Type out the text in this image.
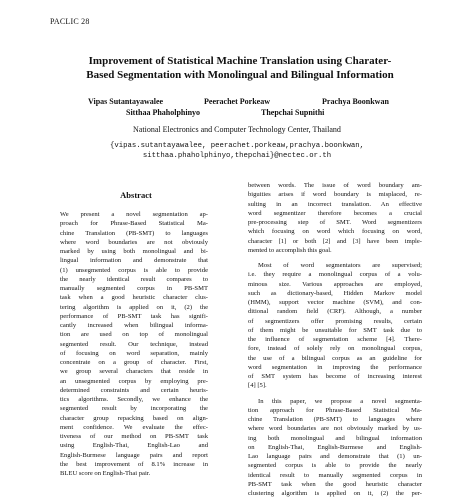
PACLIC 28
Improvement of Statistical Machine Translation using Charater-
Based Segmentation with Monolingual and Bilingual Information
Vipas Sutantayawalee	Peerachet Porkeaw	Prachya Boonkwan
Sitthaa Phaholphinyo	Thepchai Supnithi
National Electronics and Computer Technology Center, Thailand
{vipas.sutantayawalee, peerachet.porkeaw,prachya.boonkwan,
sitthaa.phaholphinyo,thepchai}@nectec.or.th
Abstract
We present a novel segmentation ap-
proach for Phrase-Based Statistical Ma-
chine Translation (PB-SMT) to languages
where word boundaries are not obviously
marked by using both monolingual and bi-
lingual information and demonstrate that
(1) unsegmented corpus is able to provide
the nearly identical result compares to
manually segmented corpus in PB-SMT
task when a good heuristic character clus-
tering algorithm is applied on it, (2) the
performance of PB-SMT task has signifi-
cantly increased when bilingual informa-
tion are used on top of monolingual
segmented result. Our technique, instead
of focusing on word separation, mainly
concentrate on a group of character. First,
we group several characters that reside in
an unsegmented corpus by employing pre-
determined constraints and certain heuris-
tics algorithms. Secondly, we enhance the
segmented result by incorporating the
character group repacking based on align-
ment confidence. We evaluate the effec-
tiveness of our method on PB-SMT task
using English-Thai, English-Lao and
English-Burmese language pairs and report
the best improvement of 8.1% increase in
BLEU score on English-Thai pair.
between words. The issue of word boundary am-
biguities arises if word boundary is misplaced, re-
sulting in an incorrect translation. An effective
word segmentizer therefore becomes a crucial
pre-processing step of SMT. Word segmentizers
which focusing on word which focusing on word,
character [1] or both [2] and [3] have been imple-
mented to accomplish this goal.
Most of word segmentators are supervised;
i.e. they require a monolingual corpus of a volu-
minous size. Various approaches are employed,
such as dictionary-based, Hidden Markov model
(HMM), support vector machine (SVM), and con-
ditional random field (CRF). Although, a number
of segmentizers offer promising results, certain
of them might be unsuitable for SMT task due to
the influence of segmentation scheme [4]. There-
fore, instead of solely rely on monolingual corpus,
the use of a bilingual corpus as an guideline for
word segmentation in improving the performance
of SMT system has become of increasing interest
[4] [5].
In this paper, we propose a novel segmenta-
tion approach for Phrase-Based Statistical Ma-
chine Translation (PB-SMT) to languages where
where word boundaries are not obviously marked by us-
ing both monolingual and bilingual information
on English-Thai, English-Burmese and English-
Lao language pairs and demonstrate that (1) un-
segmented corpus is able to provide the nearly
identical result to manually segmented corpus in
PB-SMT task when the good heuristic character
clustering algorithm is applied on it, (2) the per-
